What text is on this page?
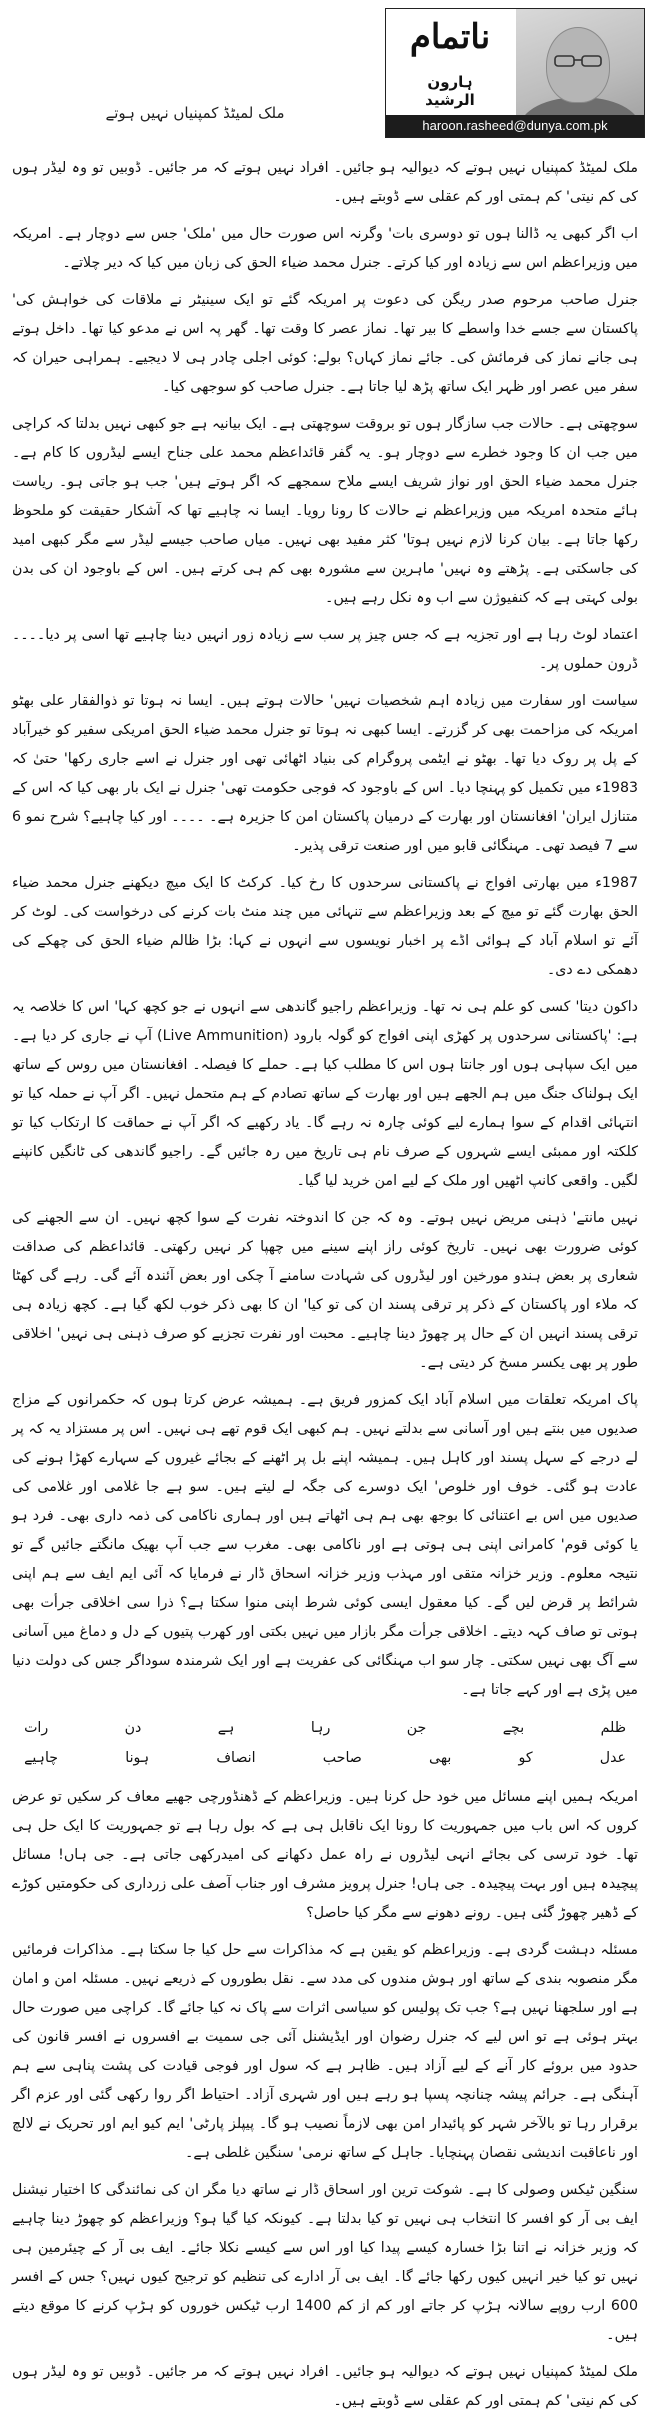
ملک لمیٹڈ کمپنیاں نہیں ہوتے
ناتمام
ہارون الرشید
haroon.rasheed@dunya.com.pk

ملک لمیٹڈ کمپنیاں نہیں ہوتے کہ دیوالیہ ہو جائیں۔ افراد نہیں ہوتے کہ مر جائیں۔ ڈوبیں تو وہ لیڈر ہوں کی کم نیتی' کم ہمتی اور کم عقلی سے ڈوبتے ہیں۔

اب اگر کبھی یہ ڈالنا ہوں تو دوسری بات' وگرنہ اس صورت حال میں 'ملک' جس سے دوچار ہے۔ امریکہ میں وزیراعظم اس سے زیادہ اور کیا کرتے۔ جنرل محمد ضیاء الحق کی زبان میں کیا کہ دیر چلاتے۔

جنرل صاحب مرحوم صدر ریگن کی دعوت پر امریکہ گئے تو ایک سینیٹر نے ملاقات کی خواہش کی' پاکستان سے جسے خدا واسطے کا بیر تھا۔ نماز عصر کا وقت تھا۔ گھر پہ اس نے مدعو کیا تھا۔ داخل ہوتے ہی جانے نماز کی فرمائش کی۔ جائے نماز کہاں؟ بولے: کوئی اجلی چادر ہی لا دیجیے۔ ہمراہی حیران کہ سفر میں عصر اور ظہر ایک ساتھ پڑھ لیا جاتا ہے۔ جنرل صاحب کو سوجھی کیا۔

سوچھتی ہے۔ حالات جب سازگار ہوں تو بروقت سوچھتی ہے۔ ایک بیانیہ ہے جو کبھی نہیں بدلتا کہ کراچی میں جب ان کا وجود خطرے سے دوچار ہو۔ یہ گفر قائداعظم محمد علی جناح ایسے لیڈروں کا کام ہے۔ جنرل محمد ضیاء الحق اور نواز شریف ایسے ملاح سمجھے کہ اگر ہوتے ہیں' جب ہو جاتی ہو۔ ریاست ہائے متحدہ امریکہ میں وزیراعظم نے حالات کا رونا رویا۔ ایسا نہ چاہیے تھا کہ آشکار حقیقت کو ملحوظ رکھا جاتا ہے۔ بیان کرنا لازم نہیں ہوتا' کثر مفید بھی نہیں۔ میاں صاحب جیسے لیڈر سے مگر کبھی امید کی جاسکتی ہے۔ پڑھتے وہ نہیں' ماہرین سے مشورہ بھی کم ہی کرتے ہیں۔ اس کے باوجود ان کی بدن بولی کہتی ہے کہ کنفیوژن سے اب وہ نکل رہے ہیں۔

اعتماد لوٹ رہا ہے اور تجزیہ ہے کہ جس چیز پر سب سے زیادہ زور انہیں دینا چاہیے تھا اسی پر دیا۔۔۔۔ ڈرون حملوں پر۔

سیاست اور سفارت میں زیادہ اہم شخصیات نہیں' حالات ہوتے ہیں۔ ایسا نہ ہوتا تو ذوالفقار علی بھٹو امریکہ کی مزاحمت بھی کر گزرتے۔ ایسا کبھی نہ ہوتا تو جنرل محمد ضیاء الحق امریکی سفیر کو خیرآباد کے پل پر روک دیا تھا۔ بھٹو نے ایٹمی پروگرام کی بنیاد اٹھائی تھی اور جنرل نے اسے جاری رکھا' حتیٰ کہ 1983ء میں تکمیل کو پہنچا دیا۔ اس کے باوجود کہ فوجی حکومت تھی' جنرل نے ایک بار بھی کیا کہ اس کے متنازل ایران' افغانستان اور بھارت کے درمیان پاکستان امن کا جزیرہ ہے۔ ۔۔۔۔ اور کیا چاہیے؟ شرح نمو 6 سے 7 فیصد تھی۔ مہنگائی قابو میں اور صنعت ترقی پذیر۔

1987ء میں بھارتی افواج نے پاکستانی سرحدوں کا رخ کیا۔ کرکٹ کا ایک میچ دیکھنے جنرل محمد ضیاء الحق بھارت گئے تو میچ کے بعد وزیراعظم سے تنہائی میں چند منٹ بات کرنے کی درخواست کی۔ لوٹ کر آئے تو اسلام آباد کے ہوائی اڈے پر اخبار نویسوں سے انہوں نے کہا: بڑا ظالم ضیاء الحق کی چھکے کی دھمکی دے دی۔

داکون دیتا' کسی کو علم ہی نہ تھا۔ وزیراعظم راجیو گاندھی سے انہوں نے جو کچھ کہا' اس کا خلاصہ یہ ہے: 'پاکستانی سرحدوں پر کھڑی اپنی افواج کو گولہ بارود (Live Ammunition) آپ نے جاری کر دیا ہے۔ میں ایک سپاہی ہوں اور جانتا ہوں اس کا مطلب کیا ہے۔ حملے کا فیصلہ۔ افغانستان میں روس کے ساتھ ایک ہولناک جنگ میں ہم الجھے ہیں اور بھارت کے ساتھ تصادم کے ہم متحمل نہیں۔ اگر آپ نے حملہ کیا تو انتہائی اقدام کے سوا ہمارے لیے کوئی چارہ نہ رہے گا۔ یاد رکھیے کہ اگر آپ نے حماقت کا ارتکاب کیا تو کلکتہ اور ممبئی ایسے شہروں کے صرف نام ہی تاریخ میں رہ جائیں گے۔ راجیو گاندھی کی ٹانگیں کانپنے لگیں۔ واقعی کانپ اٹھیں اور ملک کے لیے امن خرید لیا گیا۔

نہیں مانتے' ذہنی مریض نہیں ہوتے۔ وہ کہ جن کا اندوختہ نفرت کے سوا کچھ نہیں۔ ان سے الجھنے کی کوئی ضرورت بھی نہیں۔ تاریخ کوئی راز اپنے سینے میں چھپا کر نہیں رکھتی۔ قائداعظم کی صداقت شعاری پر بعض ہندو مورخین اور لیڈروں کی شہادت سامنے آ چکی اور بعض آئندہ آئے گی۔ رہے گی کھٹا کہ ملاء اور پاکستان کے ذکر پر ترقی پسند ان کی تو کیا' ان کا بھی ذکر خوب لکھ گیا ہے۔ کچھ زیادہ ہی ترقی پسند انہیں ان کے حال پر چھوڑ دینا چاہیے۔ محبت اور نفرت تجزیے کو صرف ذہنی ہی نہیں' اخلاقی طور پر بھی یکسر مسخ کر دیتی ہے۔

پاک امریکہ تعلقات میں اسلام آباد ایک کمزور فریق ہے۔ ہمیشہ عرض کرتا ہوں کہ حکمرانوں کے مزاج صدیوں میں بنتے ہیں اور آسانی سے بدلتے نہیں۔ ہم کبھی ایک قوم تھے ہی نہیں۔ اس پر مستزاد یہ کہ پر لے درجے کے سہل پسند اور کاہل ہیں۔ ہمیشہ اپنے بل پر اٹھنے کے بجائے غیروں کے سہارے کھڑا ہونے کی عادت ہو گئی۔ خوف اور خلوص' ایک دوسرے کی جگہ لے لیتے ہیں۔ سو ہے جا غلامی اور غلامی کی صدیوں میں اس بے اعتنائی کا بوجھ بھی ہم ہی اٹھاتے ہیں اور ہماری ناکامی کی ذمہ داری بھی۔ فرد ہو یا کوئی قوم' کامرانی اپنی ہی ہوتی ہے اور ناکامی بھی۔ مغرب سے جب آپ بھیک مانگتے جائیں گے تو نتیجہ معلوم۔ وزیر خزانہ متقی اور مہذب وزیر خزانہ اسحاق ڈار نے فرمایا کہ آئی ایم ایف سے ہم اپنی شرائط پر قرض لیں گے۔ کیا معقول ایسی کوئی شرط اپنی منوا سکتا ہے؟ ذرا سی اخلاقی جرأت بھی ہوتی تو صاف کہہ دیتے۔ اخلاقی جرأت مگر بازار میں نہیں بکتی اور کھرب پتیوں کے دل و دماغ میں آسانی سے آگ بھی نہیں سکتی۔ چار سو اب مہنگائی کی عفریت ہے اور ایک شرمندہ سوداگر جس کی دولت دنیا میں پڑی ہے اور کہے جاتا ہے۔

ظلم
بچے
جن
رہا
ہے
دن
رات
عدل
کو
بھی
صاحب
انصاف
ہونا
چاہیے

امریکہ ہمیں اپنے مسائل میں خود حل کرنا ہیں۔ وزیراعظم کے ڈھنڈورچی جھیے معاف کر سکیں تو عرض کروں کہ اس باب میں جمہوریت کا رونا ایک ناقابل ہی ہے کہ بول رہا ہے تو جمہوریت کا ایک حل ہی تھا۔ خود ترسی کی بجائے انہی لیڈروں نے راہ عمل دکھانے کی امیدرکھی جاتی ہے۔ جی ہاں! مسائل پیچیدہ ہیں اور بہت پیچیدہ۔ جی ہاں! جنرل پرویز مشرف اور جناب آصف علی زرداری کی حکومتیں کوڑے کے ڈھیر چھوڑ گئی ہیں۔ رونے دھونے سے مگر کیا حاصل؟

مسئلہ دہشت گردی ہے۔ وزیراعظم کو یقین ہے کہ مذاکرات سے حل کیا جا سکتا ہے۔ مذاکرات فرمائیں مگر منصوبہ بندی کے ساتھ اور ہوش مندوں کی مدد سے۔ نقل بطوروں کے ذریعے نہیں۔ مسئلہ امن و امان ہے اور سلجھنا نہیں ہے؟ جب تک پولیس کو سیاسی اثرات سے پاک نہ کیا جائے گا۔ کراچی میں صورت حال بہتر ہوئی ہے تو اس لیے کہ جنرل رضوان اور ایڈیشنل آئی جی سمیت بے افسروں نے افسر قانون کی حدود میں بروئے کار آنے کے لیے آزاد ہیں۔ ظاہر ہے کہ سول اور فوجی قیادت کی پشت پناہی سے ہم آہنگی ہے۔ جرائم پیشہ چنانچہ پسپا ہو رہے ہیں اور شہری آزاد۔ احتیاط اگر روا رکھی گئی اور عزم اگر برقرار رہا تو بالآخر شہر کو پائیدار امن بھی لازماً نصیب ہو گا۔ پیپلز پارٹی' ایم کیو ایم اور تحریک نے لالچ اور ناعاقبت اندیشی نقصان پہنچایا۔ جاہل کے ساتھ نرمی' سنگین غلطی ہے۔

سنگین ٹیکس وصولی کا ہے۔ شوکت ترین اور اسحاق ڈار نے ساتھ دیا مگر ان کی نمائندگی کا اختیار نیشنل ایف بی آر کو افسر کا انتخاب ہی نہیں تو کیا بدلتا ہے۔ کیونکہ کیا گیا ہو؟ وزیراعظم کو چھوڑ دینا چاہیے کہ وزیر خزانہ نے اتنا بڑا خسارہ کیسے پیدا کیا اور اس سے کیسے نکلا جائے۔ ایف بی آر کے چیئرمین ہی نہیں تو کیا خیر انہیں کیوں رکھا جائے گا۔ ایف بی آر ادارے کی تنظیم کو ترجیح کیوں نہیں؟ جس کے افسر 600 ارب روپے سالانہ ہڑپ کر جاتے اور کم از کم 1400 ارب ٹیکس خوروں کو ہڑپ کرنے کا موقع دیتے ہیں۔

ملک لمیٹڈ کمپنیاں نہیں ہوتے کہ دیوالیہ ہو جائیں۔ افراد نہیں ہوتے کہ مر جائیں۔ ڈوبیں تو وہ لیڈر ہوں کی کم نیتی' کم ہمتی اور کم عقلی سے ڈوبتے ہیں۔
